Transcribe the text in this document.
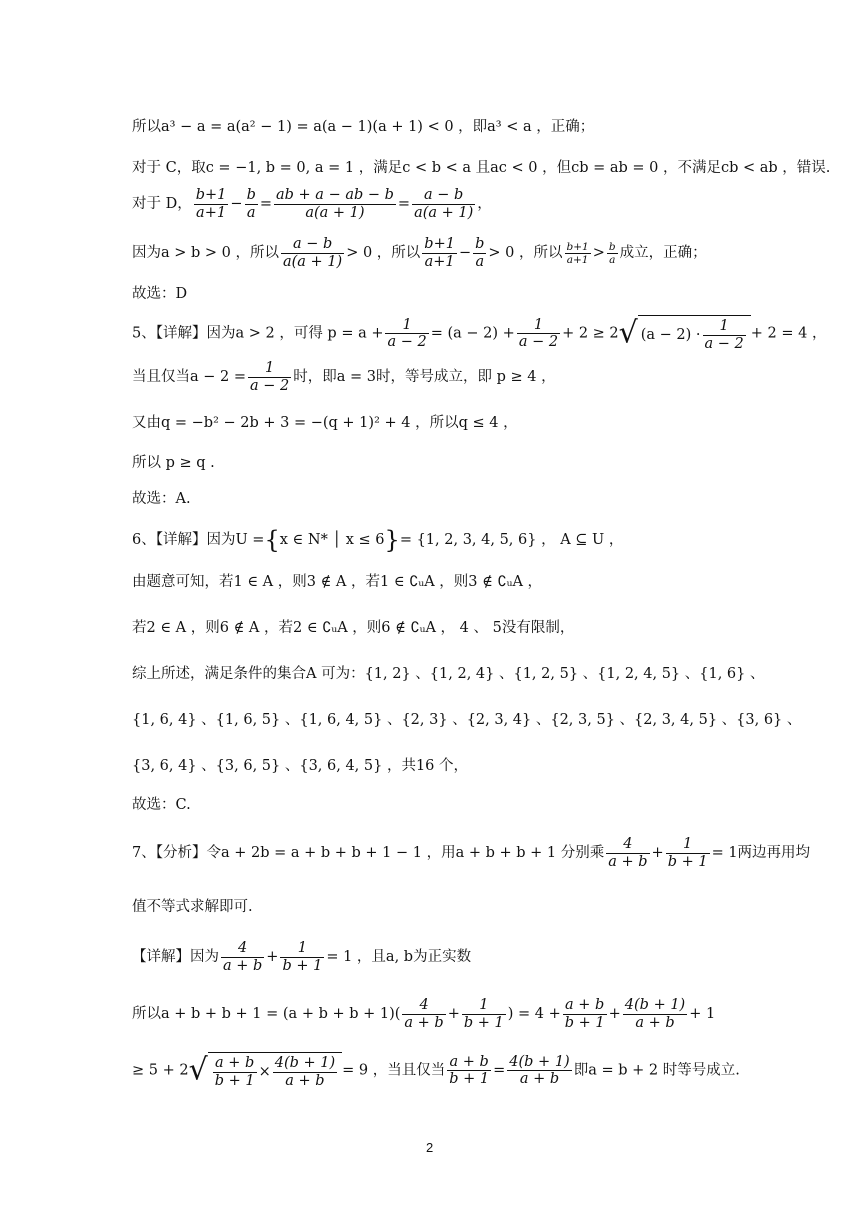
所以a³ − a = a(a² − 1) = a(a − 1)(a + 1) < 0 ，即a³ < a ，正确；
对于 C，取c = −1, b = 0, a = 1 ，满足c < b < a 且ac < 0 ，但cb = ab = 0 ，不满足cb < ab ，错误.
对于 D， $\frac{b+1}{a+1} - \frac{b}{a} = \frac{ab + a - ab - b}{a(a + 1)} = \frac{a - b}{a(a + 1)}$ ，
因为a > b > 0 ，所以 $\frac{a - b}{a(a + 1)} > 0$ ，所以 $\frac{b+1}{a+1} - \frac{b}{a} > 0$ ，所以 $\frac{b+1}{a+1} > \frac{b}{a}$ 成立，正确；
故选：D
5、【详解】因为a > 2 ，可得 $p = a + \frac{1}{a - 2} = (a - 2) + \frac{1}{a - 2} + 2 \ge 2√$ $(a - 2) \cdot \frac{1}{a - 2} + 2 = 4$ ，
当且仅当$a - 2 = \frac{1}{a - 2}$ 时，即a = 3时，等号成立，即 p ≥ 4 ，
又由q = −b² − 2b + 3 = −(q + 1)² + 4 ，所以q ≤ 4 ，
所以 p ≥ q .
故选：A.
6、【详解】因为U ={x ∈ N* │ x ≤ 6}= {1, 2, 3, 4, 5, 6} ， A ⊆ U ，
由题意可知，若1 ∈ A ，则3 ∉ A ，若1 ∈ ∁ᵤA ，则3 ∉ ∁ᵤA ，
若2 ∈ A ，则6 ∉ A ，若2 ∈ ∁ᵤA ，则6 ∉ ∁ᵤA ， 4 、 5没有限制，
综上所述，满足条件的集合A 可为：{1, 2} 、{1, 2, 4} 、{1, 2, 5} 、{1, 2, 4, 5} 、{1, 6} 、
{1, 6, 4} 、{1, 6, 5} 、{1, 6, 4, 5} 、{2, 3} 、{2, 3, 4} 、{2, 3, 5} 、{2, 3, 4, 5} 、{3, 6} 、
{3, 6, 4} 、{3, 6, 5} 、{3, 6, 4, 5} ，共16 个，
故选：C.
7、【分析】令a + 2b = a + b + b + 1 − 1 ，用a + b + b + 1 分别乘 $\frac{4}{a + b} + \frac{1}{b + 1} = 1$两边再用均
值不等式求解即可.
【详解】因为 $\frac{4}{a + b} + \frac{1}{b + 1} = 1$ ，且a, b为正实数
所以$a + b + b + 1 = (a + b + b + 1)( \frac{4}{a + b} + \frac{1}{b + 1}$ ) = $4 + \frac{a + b}{b + 1} + \frac{4(b + 1)}{a + b} + 1$
≥ $5 + 2√ \frac{a + b}{b + 1} \times \frac{4(b + 1)}{a + b} = 9$ ，当且仅当 $\frac{a + b}{b + 1} = \frac{4(b + 1)}{a + b}$ 即a = b + 2 时等号成立.
2
